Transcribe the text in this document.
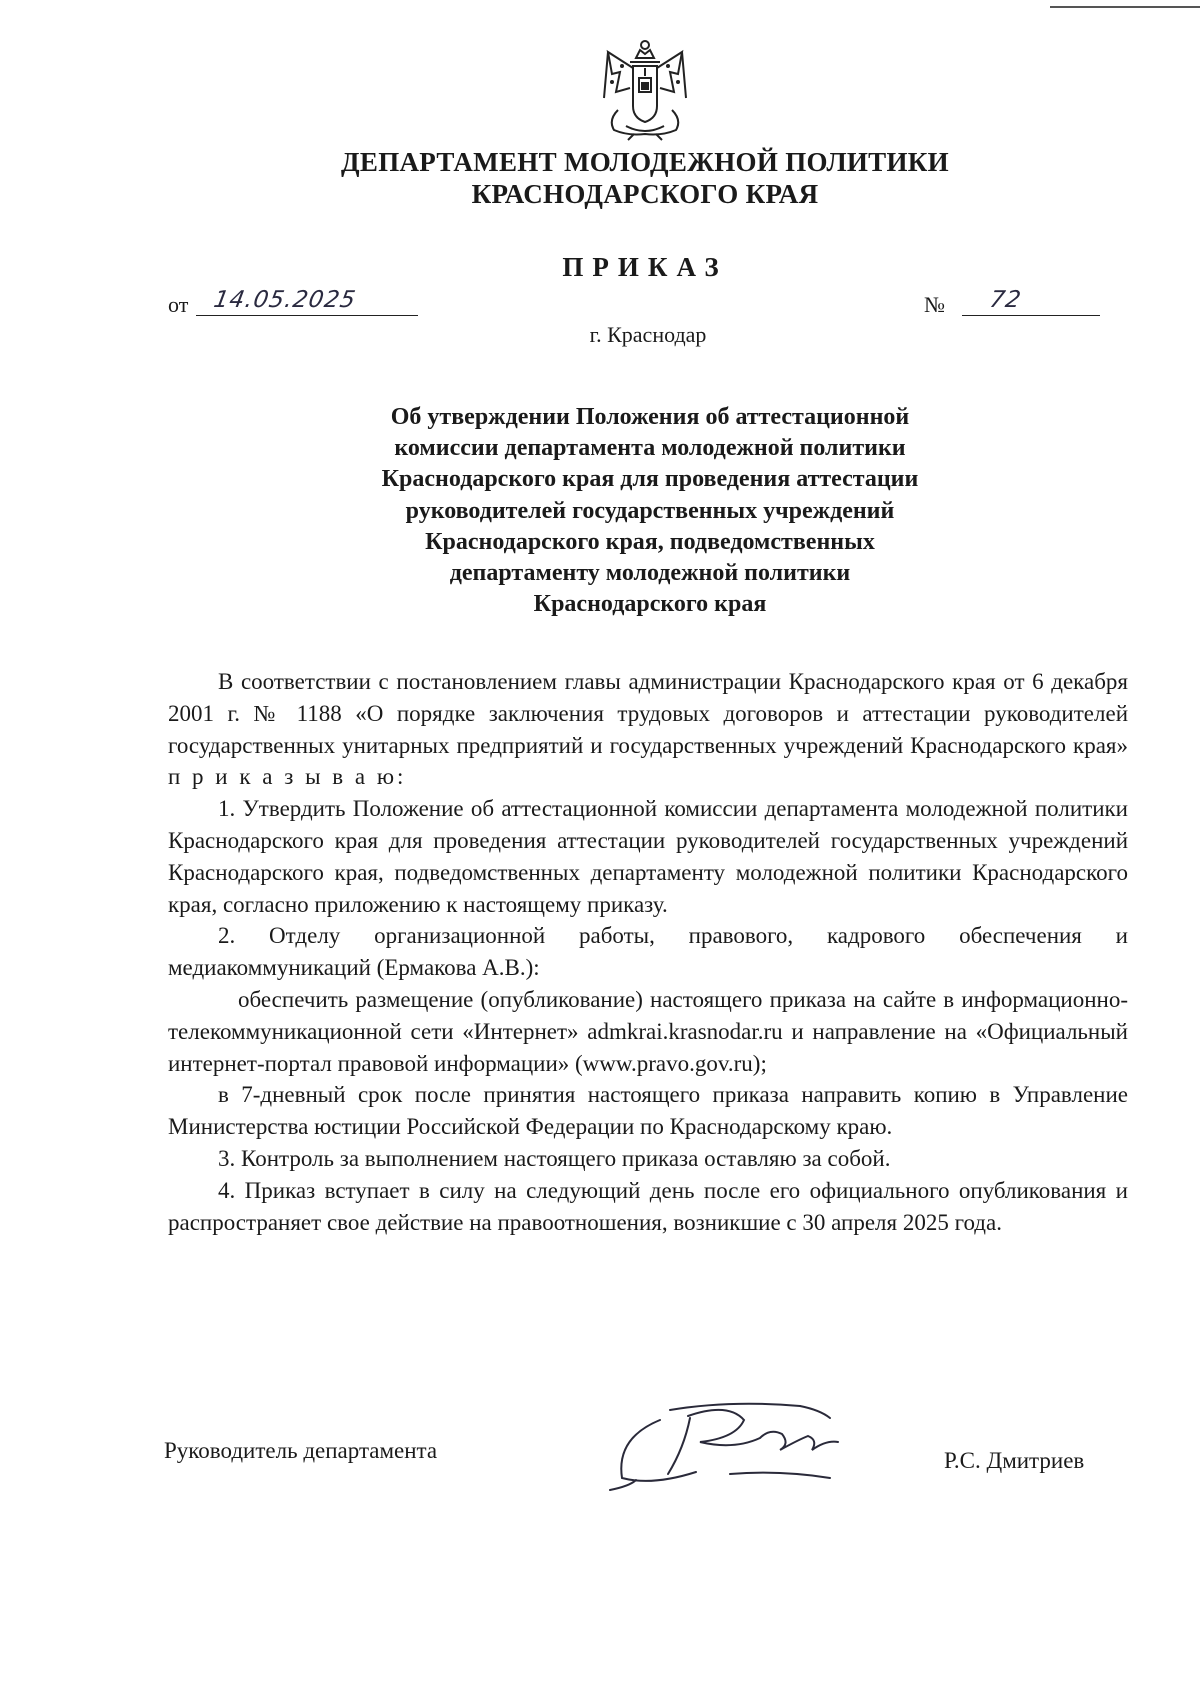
ДЕПАРТАМЕНТ МОЛОДЕЖНОЙ ПОЛИТИКИ
КРАСНОДАРСКОГО КРАЯ
ПРИКАЗ
от 14.05.2025	№ 72
г. Краснодар
Об утверждении Положения об аттестационной
комиссии департамента молодежной политики
Краснодарского края для проведения аттестации
руководителей государственных учреждений
Краснодарского края, подведомственных
департаменту молодежной политики
Краснодарского края

В соответствии с постановлением главы администрации Краснодарского края от 6 декабря 2001 г. № 1188 «О порядке заключения трудовых договоров и аттестации руководителей государственных унитарных предприятий и государственных учреждений Краснодарского края» п р и к а з ы в а ю:

1. Утвердить Положение об аттестационной комиссии департамента молодежной политики Краснодарского края для проведения аттестации руководителей государственных учреждений Краснодарского края, подведомственных департаменту молодежной политики Краснодарского края, согласно приложению к настоящему приказу.

2. Отделу организационной работы, правового, кадрового обеспечения и медиакоммуникаций (Ермакова А.В.):

обеспечить размещение (опубликование) настоящего приказа на сайте в информационно-телекоммуникационной сети «Интернет» admkrai.krasnodar.ru и направление на «Официальный интернет-портал правовой информации» (www.pravo.gov.ru);

в 7-дневный срок после принятия настоящего приказа направить копию в Управление Министерства юстиции Российской Федерации по Краснодарскому краю.

3. Контроль за выполнением настоящего приказа оставляю за собой.

4. Приказ вступает в силу на следующий день после его официального опубликования и распространяет свое действие на правоотношения, возникшие с 30 апреля 2025 года.

Руководитель департамента	Р.С. Дмитриев
